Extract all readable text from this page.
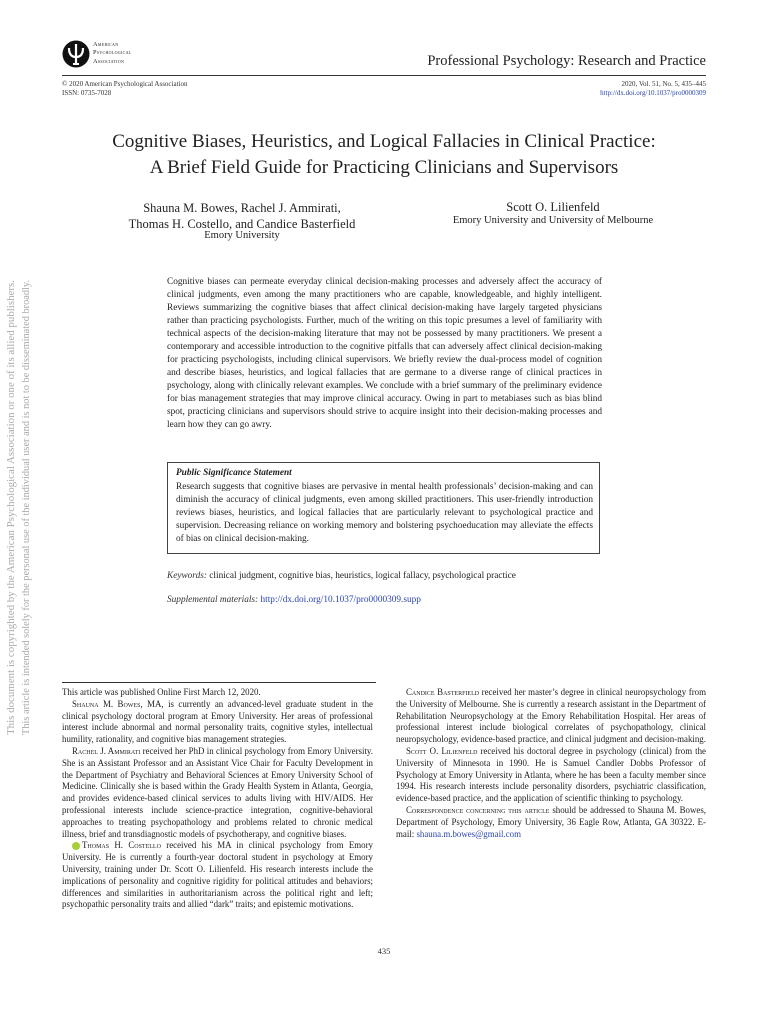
American
Psychological
Association	Professional Psychology: Research and Practice
© 2020 American Psychological Association
ISSN: 0735-7028
2020, Vol. 51, No. 5, 435–445
http://dx.doi.org/10.1037/pro0000309
Cognitive Biases, Heuristics, and Logical Fallacies in Clinical Practice:
A Brief Field Guide for Practicing Clinicians and Supervisors
Shauna M. Bowes, Rachel J. Ammirati,
Thomas H. Costello, and Candice Basterfield
Emory University
Scott O. Lilienfeld
Emory University and University of Melbourne
Cognitive biases can permeate everyday clinical decision-making processes and adversely affect the accuracy of clinical judgments, even among the many practitioners who are capable, knowledgeable, and highly intelligent. Reviews summarizing the cognitive biases that affect clinical decision-making have largely targeted physicians rather than practicing psychologists. Further, much of the writing on this topic presumes a level of familiarity with technical aspects of the decision-making literature that may not be possessed by many practitioners. We present a contemporary and accessible introduction to the cognitive pitfalls that can adversely affect clinical decision-making for practicing psychologists, including clinical supervisors. We briefly review the dual-process model of cognition and describe biases, heuristics, and logical fallacies that are germane to a diverse range of clinical practices in psychology, along with clinically relevant examples. We conclude with a brief summary of the preliminary evidence for bias management strategies that may improve clinical accuracy. Owing in part to metabiases such as bias blind spot, practicing clinicians and supervisors should strive to acquire insight into their decision-making processes and learn how they can go awry.
Public Significance Statement
Research suggests that cognitive biases are pervasive in mental health professionals’ decision-making and can diminish the accuracy of clinical judgments, even among skilled practitioners. This user-friendly introduction reviews biases, heuristics, and logical fallacies that are particularly relevant to psychological practice and supervision. Decreasing reliance on working memory and bolstering psychoeducation may alleviate the effects of bias on clinical decision-making.
Keywords: clinical judgment, cognitive bias, heuristics, logical fallacy, psychological practice
Supplemental materials: http://dx.doi.org/10.1037/pro0000309.supp

This article was published Online First March 12, 2020.

Shauna M. Bowes, MA, is currently an advanced-level graduate student in the clinical psychology doctoral program at Emory University. Her areas of professional interest include abnormal and normal personality traits, cognitive styles, intellectual humility, rationality, and cognitive bias management strategies.

Rachel J. Ammirati received her PhD in clinical psychology from Emory University. She is an Assistant Professor and an Assistant Vice Chair for Faculty Development in the Department of Psychiatry and Behavioral Sciences at Emory University School of Medicine. Clinically she is based within the Grady Health System in Atlanta, Georgia, and provides evidence-based clinical services to adults living with HIV/AIDS. Her professional interests include science-practice integration, cognitive-behavioral approaches to treating psychopathology and problems related to chronic medical illness, brief and transdiagnostic models of psychotherapy, and cognitive biases.

Thomas H. Costello received his MA in clinical psychology from Emory University. He is currently a fourth-year doctoral student in psychology at Emory University, training under Dr. Scott O. Lilienfeld. His research interests include the implications of personality and cognitive rigidity for political attitudes and behaviors; differences and similarities in authoritarianism across the political right and left; psychopathic personality traits and allied “dark” traits; and epistemic motivations.

Candice Basterfield received her master’s degree in clinical neuropsychology from the University of Melbourne. She is currently a research assistant in the Department of Rehabilitation Neuropsychology at the Emory Rehabilitation Hospital. Her areas of professional interest include biological correlates of psychopathology, clinical neuropsychology, evidence-based practice, and clinical judgment and decision-making.

Scott O. Lilienfeld received his doctoral degree in psychology (clinical) from the University of Minnesota in 1990. He is Samuel Candler Dobbs Professor of Psychology at Emory University in Atlanta, where he has been a faculty member since 1994. His research interests include personality disorders, psychiatric classification, evidence-based practice, and the application of scientific thinking to psychology.

Correspondence concerning this article should be addressed to Shauna M. Bowes, Department of Psychology, Emory University, 36 Eagle Row, Atlanta, GA 30322. E-mail: shauna.m.bowes@gmail.com

435
This document is copyrighted by the American Psychological Association or one of its allied publishers. This article is intended solely for the personal use of the individual user and is not to be disseminated broadly.
